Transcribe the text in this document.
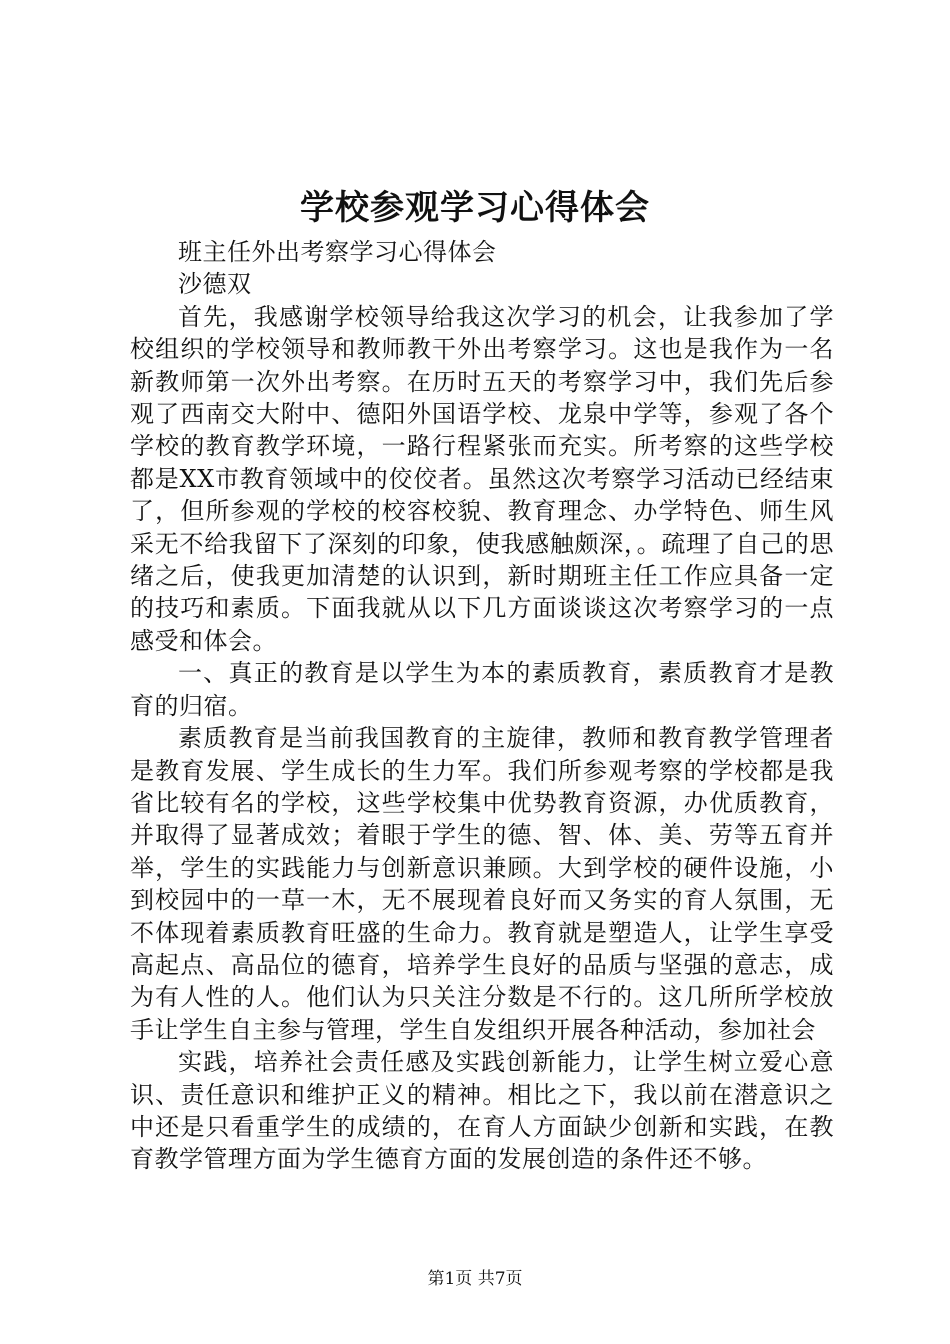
学校参观学习心得体会

班主任外出考察学习心得体会

沙德双

首先，我感谢学校领导给我这次学习的机会，让我参加了学校组织的学校领导和教师教干外出考察学习。这也是我作为一名新教师第一次外出考察。在历时五天的考察学习中，我们先后参观了西南交大附中、德阳外国语学校、龙泉中学等，参观了各个学校的教育教学环境，一路行程紧张而充实。所考察的这些学校都是XX市教育领域中的佼佼者。虽然这次考察学习活动已经结束了，但所参观的学校的校容校貌、教育理念、办学特色、师生风采无不给我留下了深刻的印象，使我感触颇深，。疏理了自己的思绪之后，使我更加清楚的认识到，新时期班主任工作应具备一定的技巧和素质。下面我就从以下几方面谈谈这次考察学习的一点感受和体会。

一、真正的教育是以学生为本的素质教育，素质教育才是教育的归宿。

素质教育是当前我国教育的主旋律，教师和教育教学管理者是教育发展、学生成长的生力军。我们所参观考察的学校都是我省比较有名的学校，这些学校集中优势教育资源，办优质教育，并取得了显著成效；着眼于学生的德、智、体、美、劳等五育并举，学生的实践能力与创新意识兼顾。大到学校的硬件设施，小到校园中的一草一木，无不展现着良好而又务实的育人氛围，无不体现着素质教育旺盛的生命力。教育就是塑造人，让学生享受高起点、高品位的德育，培养学生良好的品质与坚强的意志，成为有人性的人。他们认为只关注分数是不行的。这几所所学校放手让学生自主参与管理，学生自发组织开展各种活动，参加社会

实践，培养社会责任感及实践创新能力，让学生树立爱心意识、责任意识和维护正义的精神。相比之下，我以前在潜意识之中还是只看重学生的成绩的，在育人方面缺少创新和实践，在教育教学管理方面为学生德育方面的发展创造的条件还不够。

第1页 共7页
